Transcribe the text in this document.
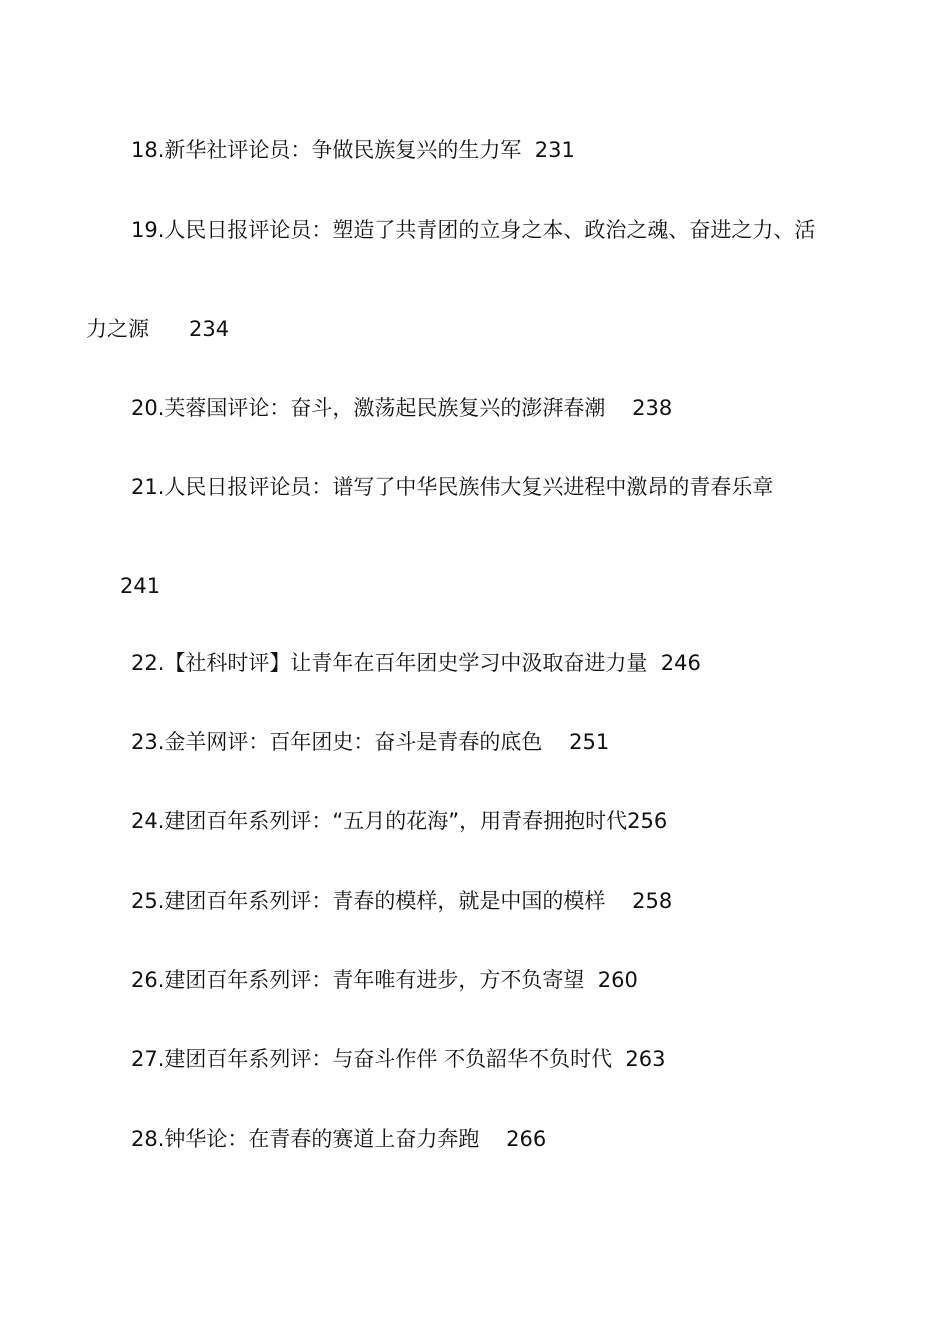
18.新华社评论员：争做民族复兴的生力军  231
19.人民日报评论员：塑造了共青团的立身之本、政治之魂、奋进之力、活
力之源      234
20.芙蓉国评论：奋斗，激荡起民族复兴的澎湃春潮    238
21.人民日报评论员：谱写了中华民族伟大复兴进程中激昂的青春乐章
241
22.【社科时评】让青年在百年团史学习中汲取奋进力量  246
23.金羊网评：百年团史：奋斗是青春的底色    251
24.建团百年系列评：“五月的花海”，用青春拥抱时代256
25.建团百年系列评：青春的模样，就是中国的模样    258
26.建团百年系列评：青年唯有进步，方不负寄望  260
27.建团百年系列评：与奋斗作伴 不负韶华不负时代  263
28.钟华论：在青春的赛道上奋力奔跑    266
